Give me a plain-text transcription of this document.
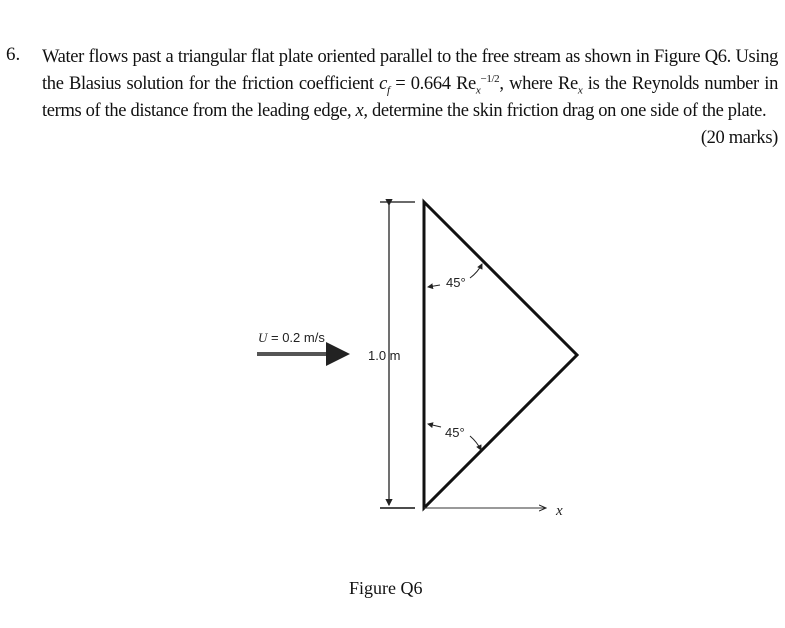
6. Water flows past a triangular flat plate oriented parallel to the free stream as shown in Figure Q6. Using the Blasius solution for the friction coefficient $c_f = 0.664$ $Re_x^{-1/2}$, where $Re_x$ is the Reynolds number in terms of the distance from the leading edge, x, determine the skin friction drag on one side of the plate.
(20 marks)
U = 0.2 m/s
1.0 m
45°
45°
x
Figure Q6
